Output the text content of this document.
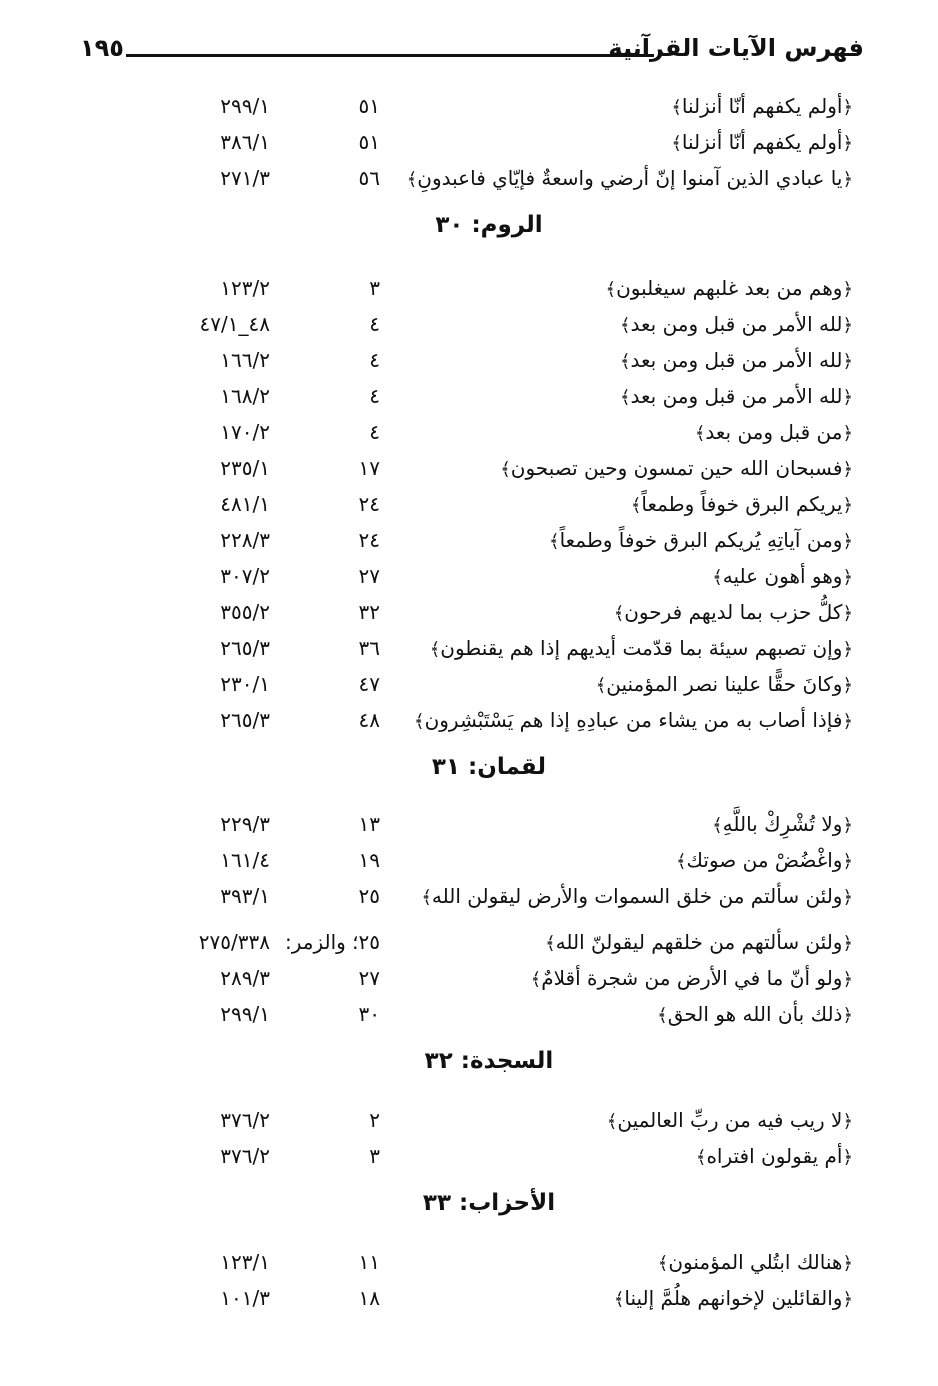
فهرس الآيات القرآنية
١٩٥
﴿أولم يكفهم أنّا أنزلنا﴾
٥١
٢٩٩/١
﴿أولم يكفهم أنّا أنزلنا﴾
٥١
٣٨٦/١
﴿يا عبادي الذين آمنوا إنّ أرضي واسعةٌ فإيّاي فاعبدونِ﴾
٥٦
٢٧١/٣
الروم: ٣٠
﴿وهم من بعد غلبهم سيغلبون﴾
٣
١٢٣/٢
﴿لله الأمر من قبل ومن بعد﴾
٤
٤٨_٤٧/١
﴿لله الأمر من قبل ومن بعد﴾
٤
١٦٦/٢
﴿لله الأمر من قبل ومن بعد﴾
٤
١٦٨/٢
﴿من قبل ومن بعد﴾
٤
١٧٠/٢
﴿فسبحان الله حين تمسون وحين تصبحون﴾
١٧
٢٣٥/١
﴿يريكم البرق خوفاً وطمعاً﴾
٢٤
٤٨١/١
﴿ومن آياتِهِ يُريكم البرق خوفاً وطمعاً﴾
٢٤
٢٢٨/٣
﴿وهو أهون عليه﴾
٢٧
٣٠٧/٢
﴿كلُّ حزب بما لديهم فرحون﴾
٣٢
٣٥٥/٢
﴿وإن تصبهم سيئة بما قدّمت أيديهم إذا هم يقنطون﴾
٣٦
٢٦٥/٣
﴿وكانَ حقًّا علينا نصر المؤمنين﴾
٤٧
٢٣٠/١
﴿فإذا أصاب به من يشاء من عبادِهِ إذا هم يَسْتَبْشِرون﴾
٤٨
٢٦٥/٣
لقمان: ٣١
﴿ولا تُشْرِكْ باللَّهِ﴾
١٣
٢٢٩/٣
﴿واغْضُضْ من صوتك﴾
١٩
١٦١/٤
﴿ولئن سألتم من خلق السموات والأرض ليقولن الله﴾
٢٥
٣٩٣/١
﴿ولئن سألتهم من خلقهم ليقولنّ الله﴾
٢٥؛ والزمر:
٢٧٥/٣٣٨
﴿ولو أنّ ما في الأرض من شجرة أقلامٌ﴾
٢٧
٢٨٩/٣
﴿ذلك بأن الله هو الحق﴾
٣٠
٢٩٩/١
السجدة: ٣٢
﴿لا ريب فيه من ربِّ العالمين﴾
٢
٣٧٦/٢
﴿أم يقولون افتراه﴾
٣
٣٧٦/٢
الأحزاب: ٣٣
﴿هنالك ابتُلي المؤمنون﴾
١١
١٢٣/١
﴿والقائلين لإخوانهم هلُمَّ إلينا﴾
١٨
١٠١/٣
